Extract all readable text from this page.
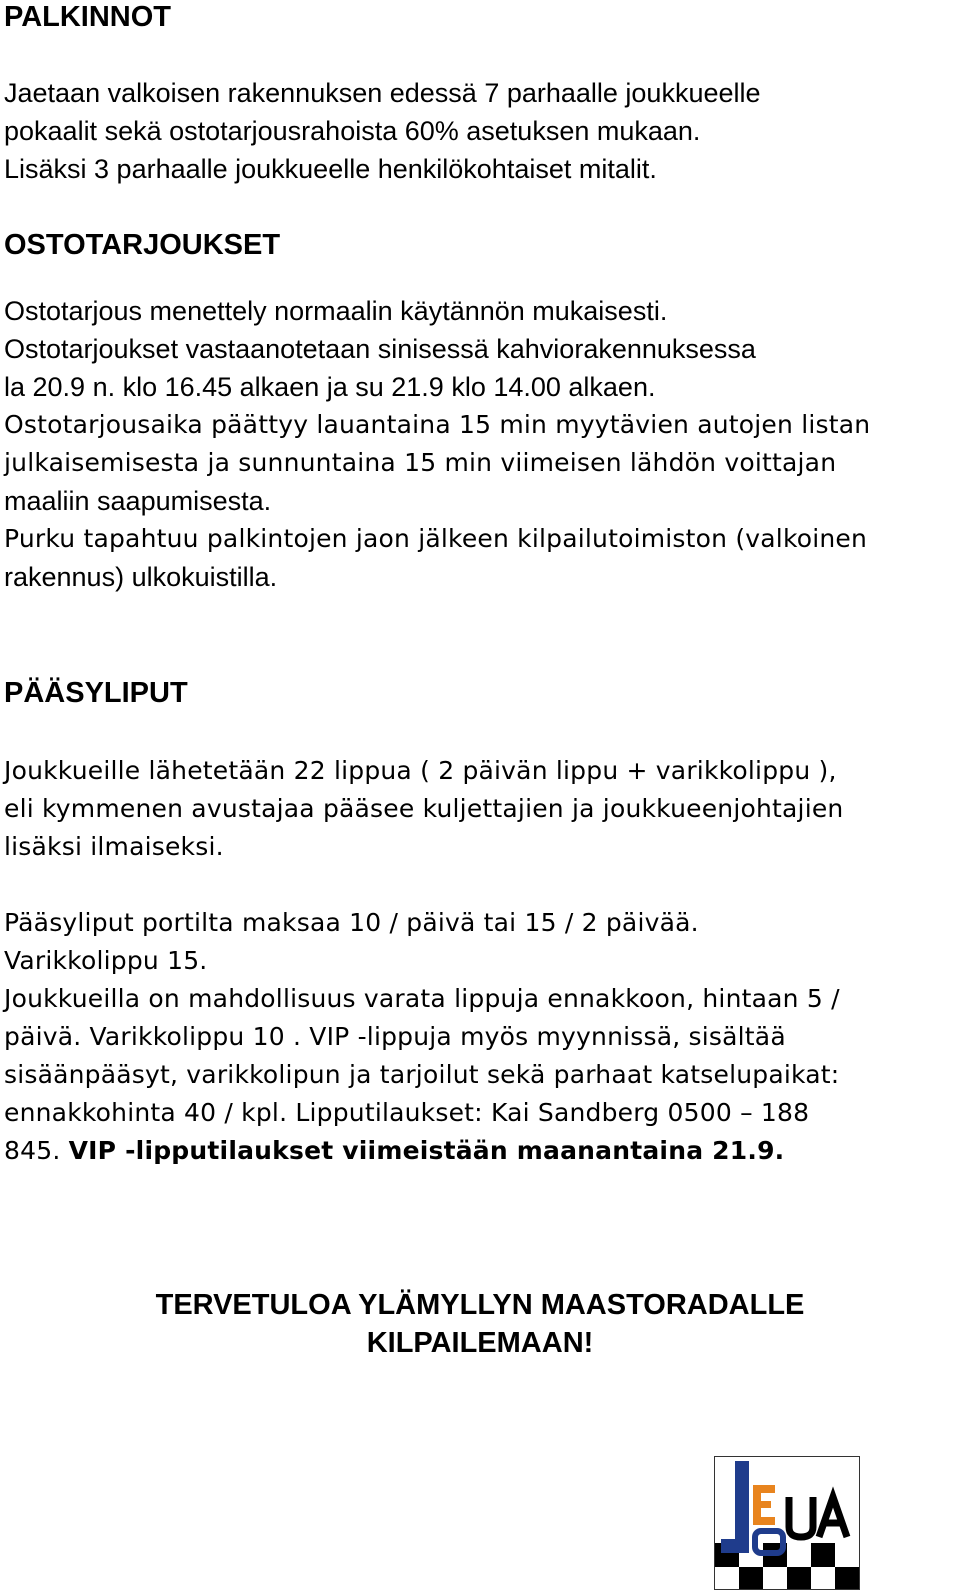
PALKINNOT

Jaetaan valkoisen rakennuksen edessä 7 parhaalle joukkueelle

pokaalit sekä ostotarjousrahoista 60% asetuksen mukaan.

Lisäksi 3 parhaalle joukkueelle henkilökohtaiset mitalit.

OSTOTARJOUKSET

Ostotarjous menettely normaalin käytännön mukaisesti.

Ostotarjoukset vastaanotetaan sinisessä kahviorakennuksessa

la 20.9 n. klo 16.45 alkaen ja su 21.9 klo 14.00 alkaen.

Ostotarjousaika päättyy lauantaina 15 min myytävien autojen listan

julkaisemisesta ja sunnuntaina 15 min viimeisen lähdön voittajan

maaliin saapumisesta.

Purku tapahtuu palkintojen jaon jälkeen kilpailutoimiston (valkoinen

rakennus) ulkokuistilla.

PÄÄSYLIPUT

Joukkueille lähetetään 22 lippua ( 2 päivän lippu + varikkolippu ),

eli kymmenen avustajaa pääsee kuljettajien ja joukkueenjohtajien

lisäksi ilmaiseksi.

Pääsyliput portilta maksaa 10 / päivä tai 15 / 2 päivää.

Varikkolippu 15.

Joukkueilla on mahdollisuus varata lippuja ennakkoon, hintaan 5 /

päivä. Varikkolippu 10 . VIP -lippuja myös myynnissä, sisältää

sisäänpääsyt, varikkolipun ja tarjoilut sekä parhaat katselupaikat:

ennakkohinta 40 / kpl. Lipputilaukset: Kai Sandberg 0500 – 188

845. VIP -lipputilaukset viimeistään maanantaina 21.9.

TERVETULOA YLÄMYLLYN MAASTORADALLE
KILPAILEMAAN!
